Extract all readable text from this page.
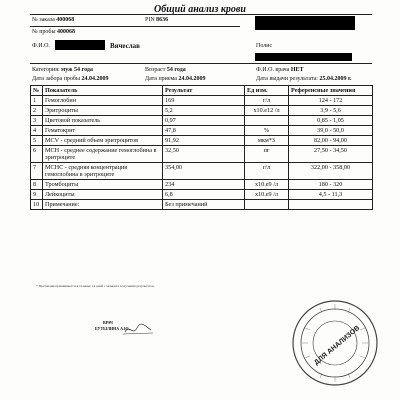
Общий анализ крови
№ заказа 400068	PIN 8636
№ пробы 400068
Ф.И.О.	Вячеслав	Полис
Категория: муж 54 года	Возраст 54 года	Ф.И.О. врача НЕТ
Дата забора пробы 24.04.2009	Дата приема 24.04.2009	Дата выдачи результата: 25.04.2009 г.
№	Показатель	Результат	Ед изм.	Референсные значения
1	Гемоглобин	169	г/л	124 - 172
2	Эритроциты	5,2	x10.e12 /л	3,9 - 5,6
3	Цветовой показатель	0,97		0,85 - 1,05
4	Гематокрит	47,8	%	39,0 - 50,0
5	MCV - средний объем эритроцитов	91,92	мкм*3	82,00 - 94,00
6	MCH - среднее содержание гемоглобина в эритроците	32,50	пг	27,50 - 34,50
7	MCHC - средняя концентрация гемоглобина в эритроците	354,00	г/л	322,00 - 358,00
8	Тромбоциты	234	x10.e9 /л	180 - 320
9	Лейкоциты	6,8	x10.e9 /л	4,5 - 11,3
10	Примечание:	Без примечаний		
* Претензии принимаются в течение 14 дней с момента получения результатов.
ВРАЧ
БУТЫЛИНА А.Ю.	ДЛЯ АНАЛИЗОВ
